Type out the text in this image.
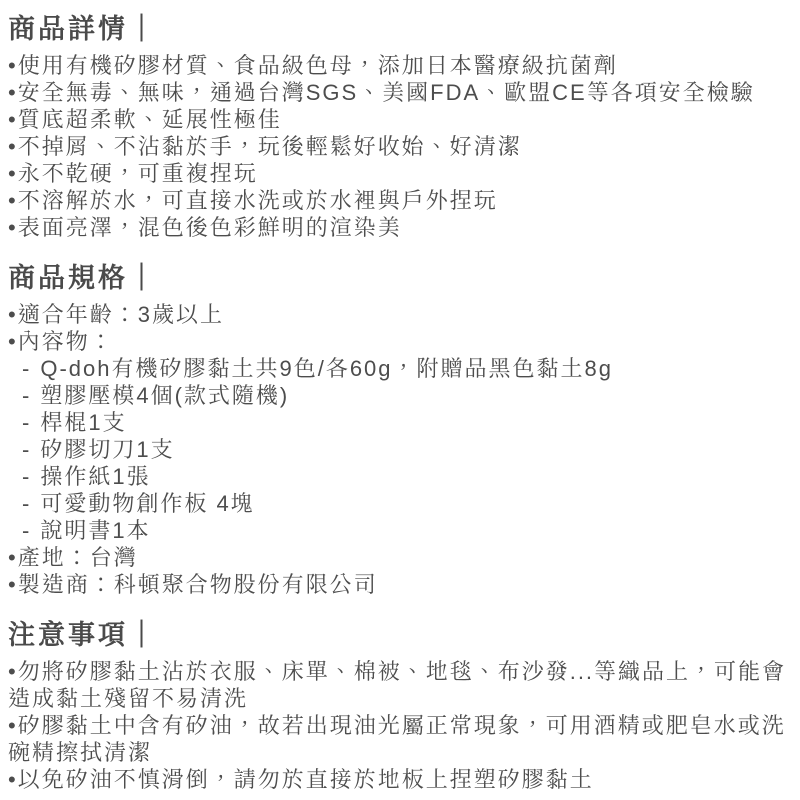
商品詳情｜
•使用有機矽膠材質、食品級色母，添加日本醫療級抗菌劑
•安全無毒、無味，通過台灣SGS、美國FDA、歐盟CE等各項安全檢驗
•質底超柔軟、延展性極佳
•不掉屑、不沾黏於手，玩後輕鬆好收始、好清潔
•永不乾硬，可重複捏玩
•不溶解於水，可直接水洗或於水裡與戶外捏玩
•表面亮澤，混色後色彩鮮明的渲染美
商品規格｜
•適合年齡：3歲以上
•內容物：
- Q-doh有機矽膠黏土共9色/各60g，附贈品黑色黏土8g
- 塑膠壓模4個(款式隨機)
- 桿棍1支
- 矽膠切刀1支
- 操作紙1張
- 可愛動物創作板 4塊
- 說明書1本
•產地：台灣
•製造商：科頓聚合物股份有限公司
注意事項｜
•勿將矽膠黏土沾於衣服、床單、棉被、地毯、布沙發...等織品上，可能會造成黏土殘留不易清洗
•矽膠黏土中含有矽油，故若出現油光屬正常現象，可用酒精或肥皂水或洗碗精擦拭清潔
•以免矽油不慎滑倒，請勿於直接於地板上捏塑矽膠黏土
